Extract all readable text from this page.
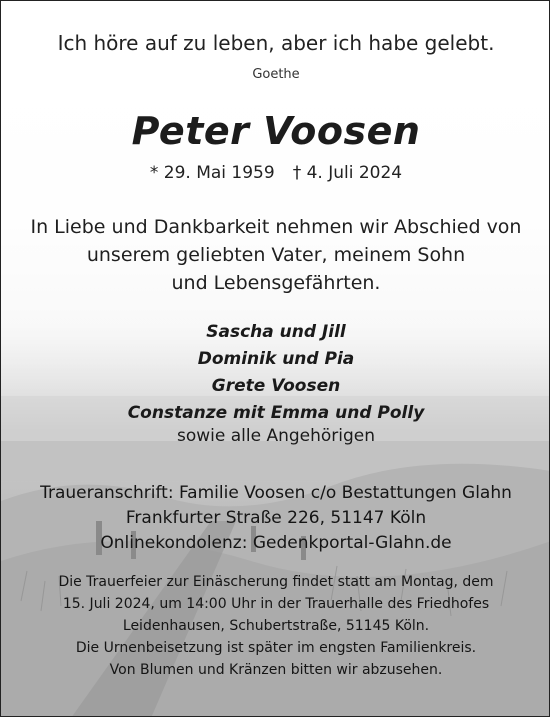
Ich höre auf zu leben, aber ich habe gelebt.
Goethe
Peter Voosen
* 29. Mai 1959 † 4. Juli 2024
In Liebe und Dankbarkeit nehmen wir Abschied von
unserem geliebten Vater, meinem Sohn
und Lebensgefährten.
Sascha und Jill
Dominik und Pia
Grete Voosen
Constanze mit Emma und Polly
sowie alle Angehörigen
Traueranschrift: Familie Voosen c/o Bestattungen Glahn
Frankfurter Straße 226, 51147 Köln
Onlinekondolenz: Gedenkportal-Glahn.de
Die Trauerfeier zur Einäscherung findet statt am Montag, dem
15. Juli 2024, um 14:00 Uhr in der Trauerhalle des Friedhofes
Leidenhausen, Schubertstraße, 51145 Köln.
Die Urnenbeisetzung ist später im engsten Familienkreis.
Von Blumen und Kränzen bitten wir abzusehen.
